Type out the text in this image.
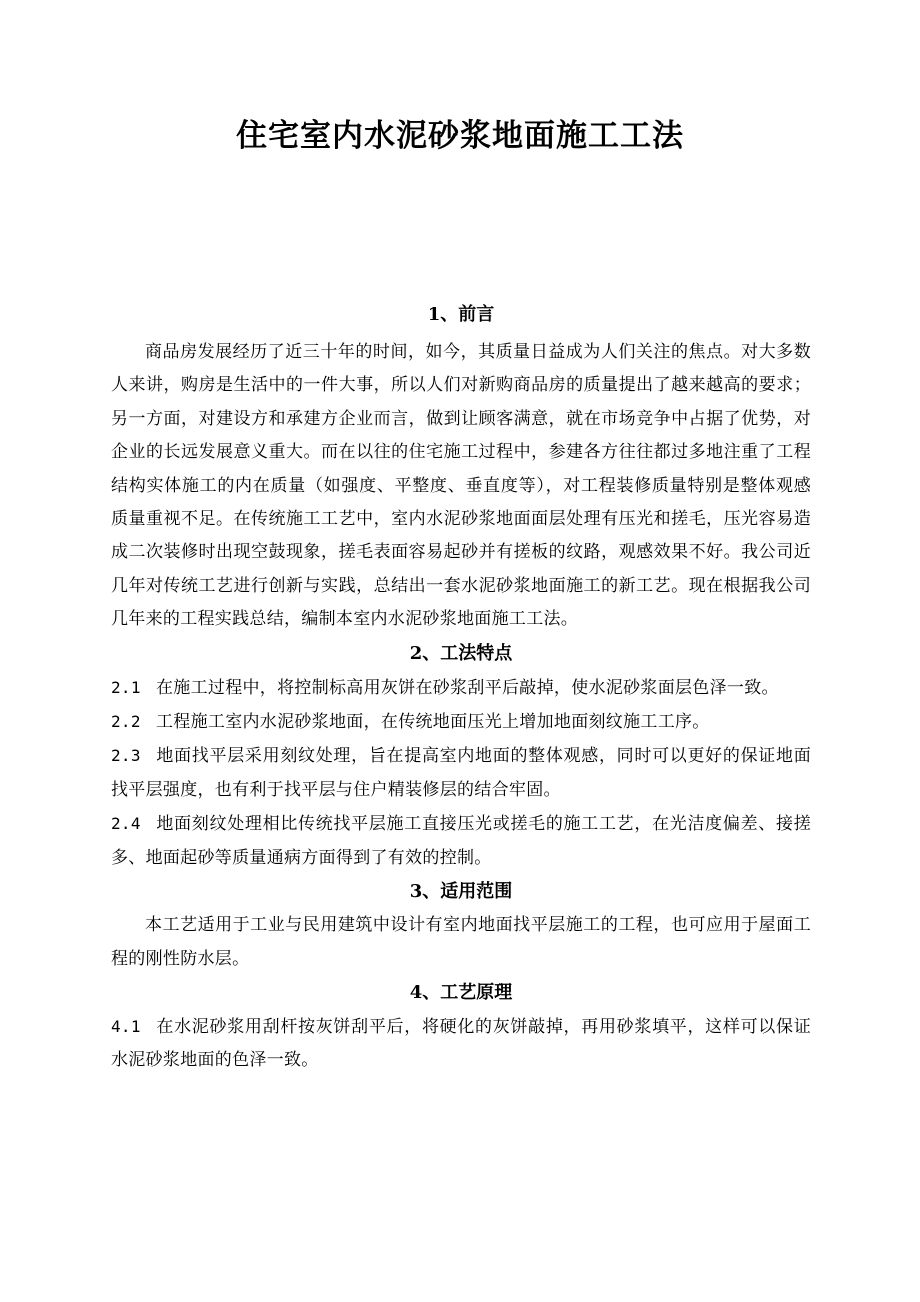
住宅室内水泥砂浆地面施工工法
1、前言

商品房发展经历了近三十年的时间，如今，其质量日益成为人们关注的焦点。对大多数人来讲，购房是生活中的一件大事，所以人们对新购商品房的质量提出了越来越高的要求；另一方面，对建设方和承建方企业而言，做到让顾客满意，就在市场竞争中占据了优势，对企业的长远发展意义重大。而在以往的住宅施工过程中，参建各方往往都过多地注重了工程结构实体施工的内在质量（如强度、平整度、垂直度等），对工程装修质量特别是整体观感质量重视不足。在传统施工工艺中，室内水泥砂浆地面面层处理有压光和搓毛，压光容易造成二次装修时出现空鼓现象，搓毛表面容易起砂并有搓板的纹路，观感效果不好。我公司近几年对传统工艺进行创新与实践，总结出一套水泥砂浆地面施工的新工艺。现在根据我公司几年来的工程实践总结，编制本室内水泥砂浆地面施工工法。

2、工法特点

2.1 在施工过程中，将控制标高用灰饼在砂浆刮平后敲掉，使水泥砂浆面层色泽一致。

2.2 工程施工室内水泥砂浆地面，在传统地面压光上增加地面刻纹施工工序。

2.3 地面找平层采用刻纹处理，旨在提高室内地面的整体观感，同时可以更好的保证地面找平层强度，也有利于找平层与住户精装修层的结合牢固。

2.4 地面刻纹处理相比传统找平层施工直接压光或搓毛的施工工艺，在光洁度偏差、接搓多、地面起砂等质量通病方面得到了有效的控制。

3、适用范围

本工艺适用于工业与民用建筑中设计有室内地面找平层施工的工程，也可应用于屋面工程的刚性防水层。

4、工艺原理

4.1 在水泥砂浆用刮杆按灰饼刮平后，将硬化的灰饼敲掉，再用砂浆填平，这样可以保证水泥砂浆地面的色泽一致。
